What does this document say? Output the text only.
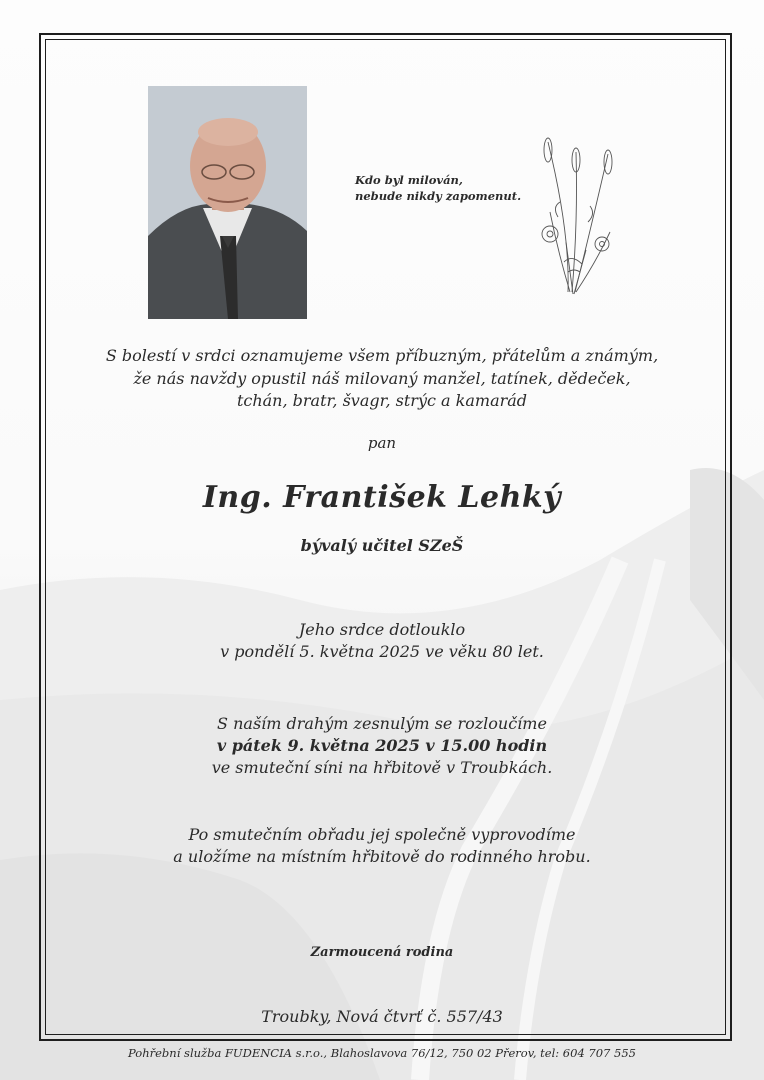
Kdo byl milován,
nebude nikdy zapomenut.
S bolestí v srdci oznamujeme všem příbuzným, přátelům a známým,
že nás navždy opustil náš milovaný manžel, tatínek, dědeček,
tchán, bratr, švagr, strýc a kamarád
pan
Ing. František Lehký
bývalý učitel SZeŠ
Jeho srdce dotlouklo
v pondělí 5. května 2025 ve věku 80 let.
S naším drahým zesnulým se rozloučíme
v pátek 9. května 2025 v 15.00 hodin
ve smuteční síni na hřbitově v Troubkách.
Po smutečním obřadu jej společně vyprovodíme
a uložíme na místním hřbitově do rodinného hrobu.
Zarmoucená rodina
Troubky, Nová čtvrť č. 557/43
Pohřební služba FUDENCIA s.r.o., Blahoslavova 76/12, 750 02 Přerov, tel: 604 707 555
